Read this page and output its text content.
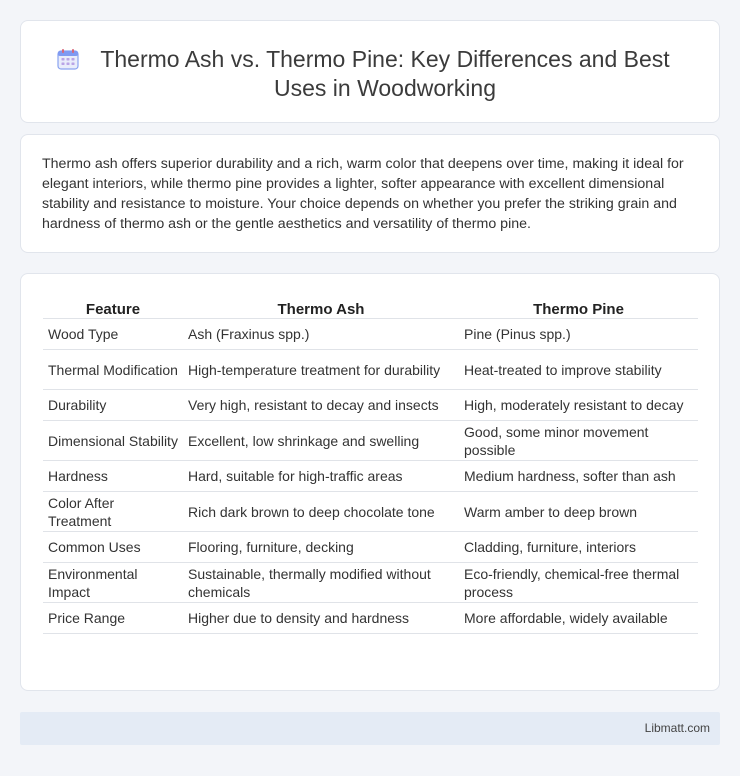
Thermo Ash vs. Thermo Pine: Key Differences and Best Uses in Woodworking

Thermo ash offers superior durability and a rich, warm color that deepens over time, making it ideal for elegant interiors, while thermo pine provides a lighter, softer appearance with excellent dimensional stability and resistance to moisture. Your choice depends on whether you prefer the striking grain and hardness of thermo ash or the gentle aesthetics and versatility of thermo pine.

Feature	Thermo Ash	Thermo Pine
Wood Type	Ash (Fraxinus spp.)	Pine (Pinus spp.)
Thermal Modification	High-temperature treatment for durability	Heat-treated to improve stability
Durability	Very high, resistant to decay and insects	High, moderately resistant to decay
Dimensional Stability	Excellent, low shrinkage and swelling	Good, some minor movement possible
Hardness	Hard, suitable for high-traffic areas	Medium hardness, softer than ash
Color After Treatment	Rich dark brown to deep chocolate tone	Warm amber to deep brown
Common Uses	Flooring, furniture, decking	Cladding, furniture, interiors
Environmental Impact	Sustainable, thermally modified without chemicals	Eco-friendly, chemical-free thermal process
Price Range	Higher due to density and hardness	More affordable, widely available
Libmatt.com
